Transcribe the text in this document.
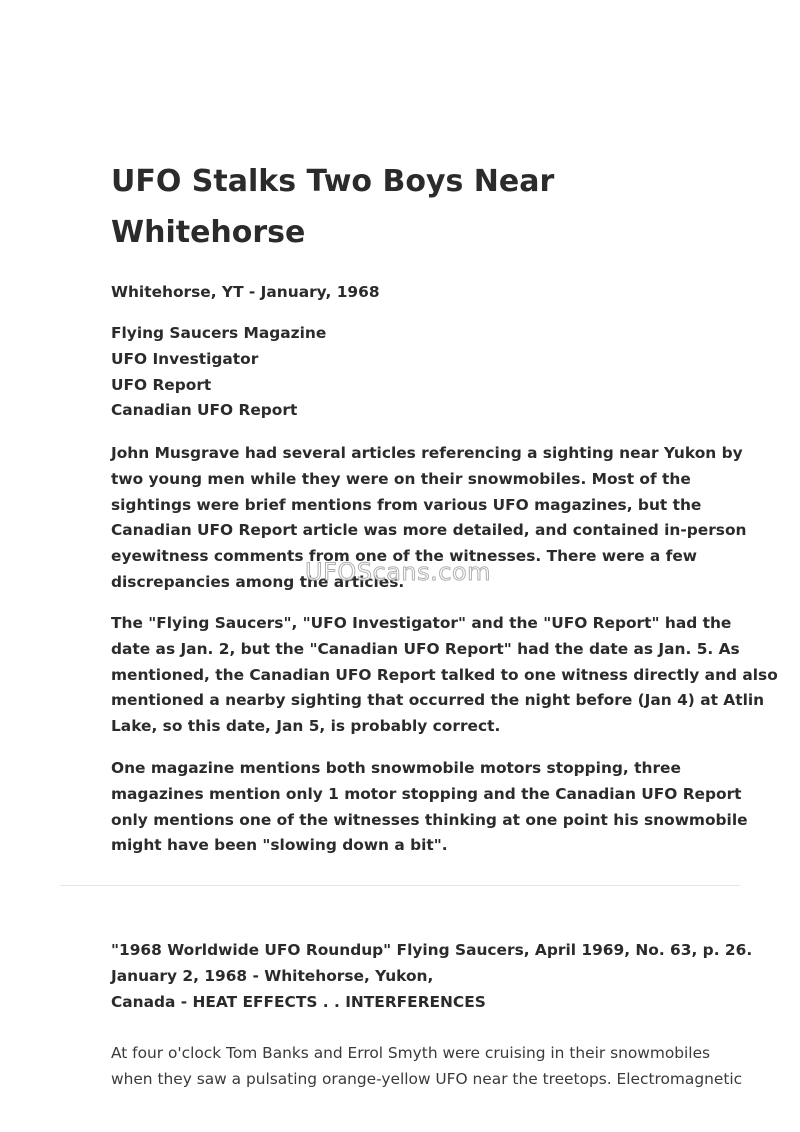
UFO Stalks Two Boys Near
Whitehorse

Whitehorse, YT - January, 1968

Flying Saucers Magazine
UFO Investigator
UFO Report
Canadian UFO Report

John Musgrave had several articles referencing a sighting near Yukon by
two young men while they were on their snowmobiles. Most of the
sightings were brief mentions from various UFO magazines, but the
Canadian UFO Report article was more detailed, and contained in-person
eyewitness comments from one of the witnesses. There were a few
discrepancies among the articles.

The "Flying Saucers", "UFO Investigator" and the "UFO Report" had the
date as Jan. 2, but the "Canadian UFO Report" had the date as Jan. 5. As
mentioned, the Canadian UFO Report talked to one witness directly and also
mentioned a nearby sighting that occurred the night before (Jan 4) at Atlin
Lake, so this date, Jan 5, is probably correct.

One magazine mentions both snowmobile motors stopping, three
magazines mention only 1 motor stopping and the Canadian UFO Report
only mentions one of the witnesses thinking at one point his snowmobile
might have been "slowing down a bit".

"1968 Worldwide UFO Roundup" Flying Saucers, April 1969, No. 63, p. 26.
January 2, 1968 - Whitehorse, Yukon,
Canada - HEAT EFFECTS . . INTERFERENCES

At four o'clock Tom Banks and Errol Smyth were cruising in their snowmobiles
when they saw a pulsating orange-yellow UFO near the treetops. Electromagnetic

UFOScans.com
